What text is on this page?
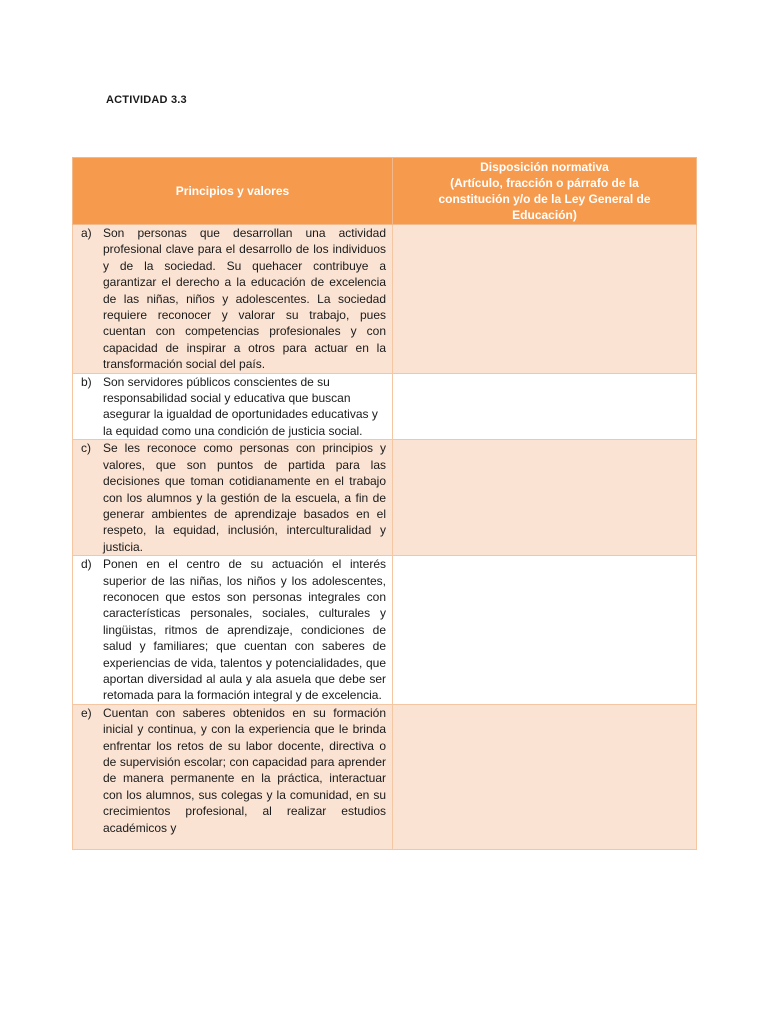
ACTIVIDAD 3.3
Principios y valores	Disposición normativa
(Artículo, fracción o párrafo de la
constitución y/o de la Ley General de
Educación)

a) Son personas que desarrollan una actividad profesional clave para el desarrollo de los individuos y de la sociedad. Su quehacer contribuye a garantizar el derecho a la educación de excelencia de las niñas, niños y adolescentes. La sociedad requiere reconocer y valorar su trabajo, pues cuentan con competencias profesionales y con capacidad de inspirar a otros para actuar en la transformación social del país.	

b) Son servidores públicos conscientes de su responsabilidad social y educativa que buscan asegurar la igualdad de oportunidades educativas y la equidad como una condición de justicia social.	

c) Se les reconoce como personas con principios y valores, que son puntos de partida para las decisiones que toman cotidianamente en el trabajo con los alumnos y la gestión de la escuela, a fin de generar ambientes de aprendizaje basados en el respeto, la equidad, inclusión, interculturalidad y justicia.	

d) Ponen en el centro de su actuación el interés superior de las niñas, los niños y los adolescentes, reconocen que estos son personas integrales con características personales, sociales, culturales y lingüistas, ritmos de aprendizaje, condiciones de salud y familiares; que cuentan con saberes de experiencias de vida, talentos y potencialidades, que aportan diversidad al aula y ala asuela que debe ser retomada para la formación integral y de excelencia.	

e) Cuentan con saberes obtenidos en su formación inicial y continua, y con la experiencia que le brinda enfrentar los retos de su labor docente, directiva o de supervisión escolar; con capacidad para aprender de manera permanente en la práctica, interactuar con los alumnos, sus colegas y la comunidad, en su crecimientos profesional, al realizar estudios académicos y	
